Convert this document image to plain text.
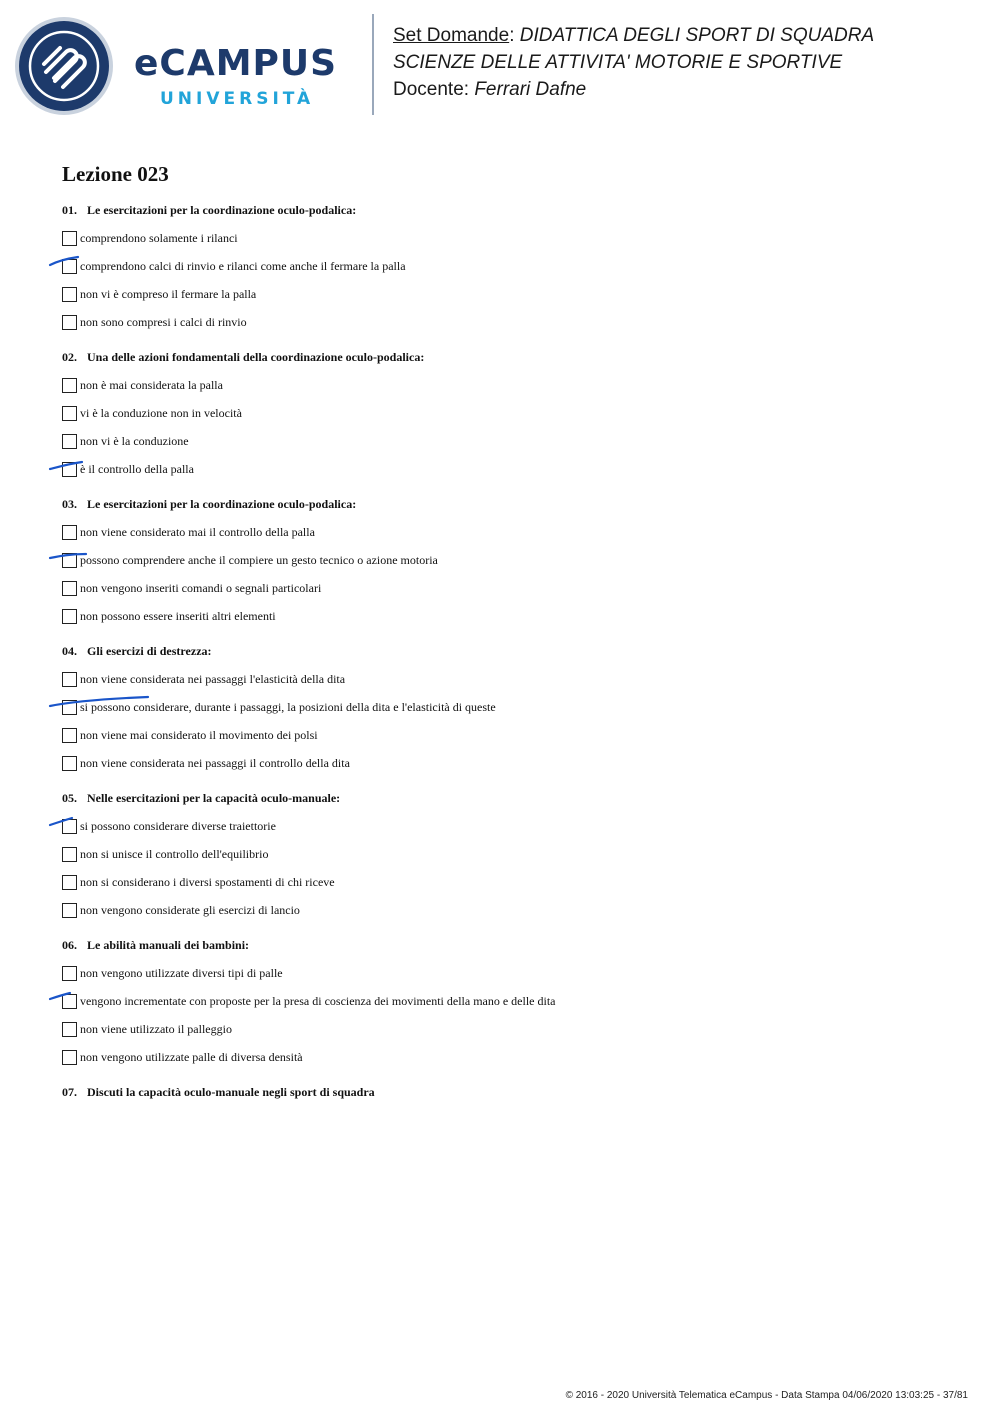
eCAMPUS
UNIVERSITÀ
Set Domande: DIDATTICA DEGLI SPORT DI SQUADRA
SCIENZE DELLE ATTIVITA' MOTORIE E SPORTIVE
Docente: Ferrari Dafne
Lezione 023
01. Le esercitazioni per la coordinazione oculo-podalica:
comprendono solamente i rilanci
comprendono calci di rinvio e rilanci come anche il fermare la palla
non vi è compreso il fermare la palla
non sono compresi i calci di rinvio
02. Una delle azioni fondamentali della coordinazione oculo-podalica:
non è mai considerata la palla
vi è la conduzione non in velocità
non vi è la conduzione
è il controllo della palla
03. Le esercitazioni per la coordinazione oculo-podalica:
non viene considerato mai il controllo della palla
possono comprendere anche il compiere un gesto tecnico o azione motoria
non vengono inseriti comandi o segnali particolari
non possono essere inseriti altri elementi
04. Gli esercizi di destrezza:
non viene considerata nei passaggi l'elasticità della dita
si possono considerare, durante i passaggi, la posizioni della dita e l'elasticità di queste
non viene mai considerato il movimento dei polsi
non viene considerata nei passaggi il controllo della dita
05. Nelle esercitazioni per la capacità oculo-manuale:
si possono considerare diverse traiettorie
non si unisce il controllo dell'equilibrio
non si considerano i diversi spostamenti di chi riceve
non vengono considerate gli esercizi di lancio
06. Le abilità manuali dei bambini:
non vengono utilizzate diversi tipi di palle
vengono incrementate con proposte per la presa di coscienza dei movimenti della mano e delle dita
non viene utilizzato il palleggio
non vengono utilizzate palle di diversa densità
07. Discuti la capacità oculo-manuale negli sport di squadra
© 2016 - 2020 Università Telematica eCampus - Data Stampa 04/06/2020 13:03:25 - 37/81
